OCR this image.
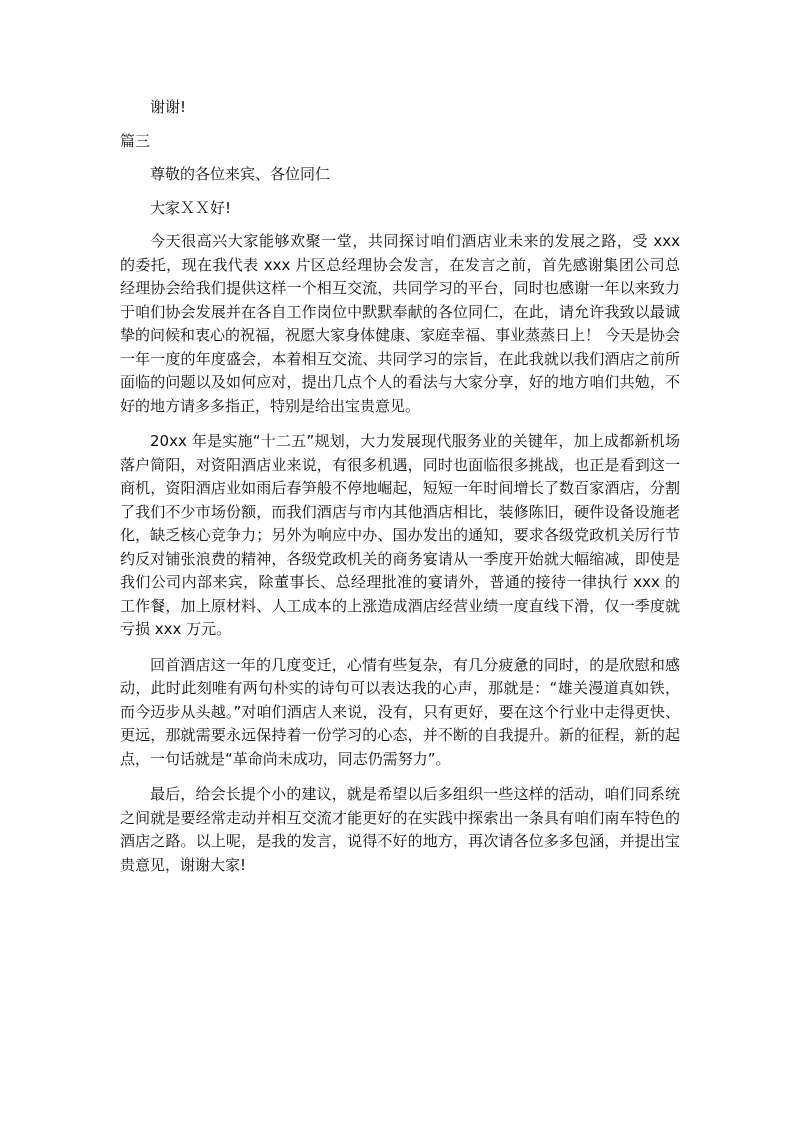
谢谢!

篇三

尊敬的各位来宾、各位同仁

大家ＸＸ好!

今天很高兴大家能够欢聚一堂，共同探讨咱们酒店业未来的发展之路，受 xxx 的委托，现在我代表 xxx 片区总经理协会发言，在发言之前，首先感谢集团公司总经理协会给我们提供这样一个相互交流，共同学习的平台，同时也感谢一年以来致力于咱们协会发展并在各自工作岗位中默默奉献的各位同仁，在此，请允许我致以最诚挚的问候和衷心的祝福，祝愿大家身体健康、家庭幸福、事业蒸蒸日上！ 今天是协会一年一度的年度盛会，本着相互交流、共同学习的宗旨，在此我就以我们酒店之前所面临的问题以及如何应对，提出几点个人的看法与大家分享，好的地方咱们共勉，不好的地方请多多指正，特别是给出宝贵意见。

20xx 年是实施“十二五”规划，大力发展现代服务业的关键年，加上成都新机场落户简阳，对资阳酒店业来说，有很多机遇，同时也面临很多挑战，也正是看到这一商机，资阳酒店业如雨后春笋般不停地崛起，短短一年时间增长了数百家酒店，分割了我们不少市场份额，而我们酒店与市内其他酒店相比，装修陈旧，硬件设备设施老化，缺乏核心竞争力；另外为响应中办、国办发出的通知，要求各级党政机关厉行节约反对铺张浪费的精神，各级党政机关的商务宴请从一季度开始就大幅缩减，即使是我们公司内部来宾，除董事长、总经理批准的宴请外，普通的接待一律执行 xxx 的工作餐，加上原材料、人工成本的上涨造成酒店经营业绩一度直线下滑，仅一季度就亏损 xxx 万元。

回首酒店这一年的几度变迁，心情有些复杂，有几分疲惫的同时，的是欣慰和感动，此时此刻唯有两句朴实的诗句可以表达我的心声，那就是：“雄关漫道真如铁，而今迈步从头越。”对咱们酒店人来说，没有，只有更好，要在这个行业中走得更快、更远，那就需要永远保持着一份学习的心态，并不断的自我提升。新的征程，新的起点，一句话就是“革命尚未成功，同志仍需努力”。

最后，给会长提个小的建议，就是希望以后多组织一些这样的活动，咱们同系统之间就是要经常走动并相互交流才能更好的在实践中探索出一条具有咱们南车特色的酒店之路。以上呢，是我的发言，说得不好的地方，再次请各位多多包涵，并提出宝贵意见，谢谢大家!
